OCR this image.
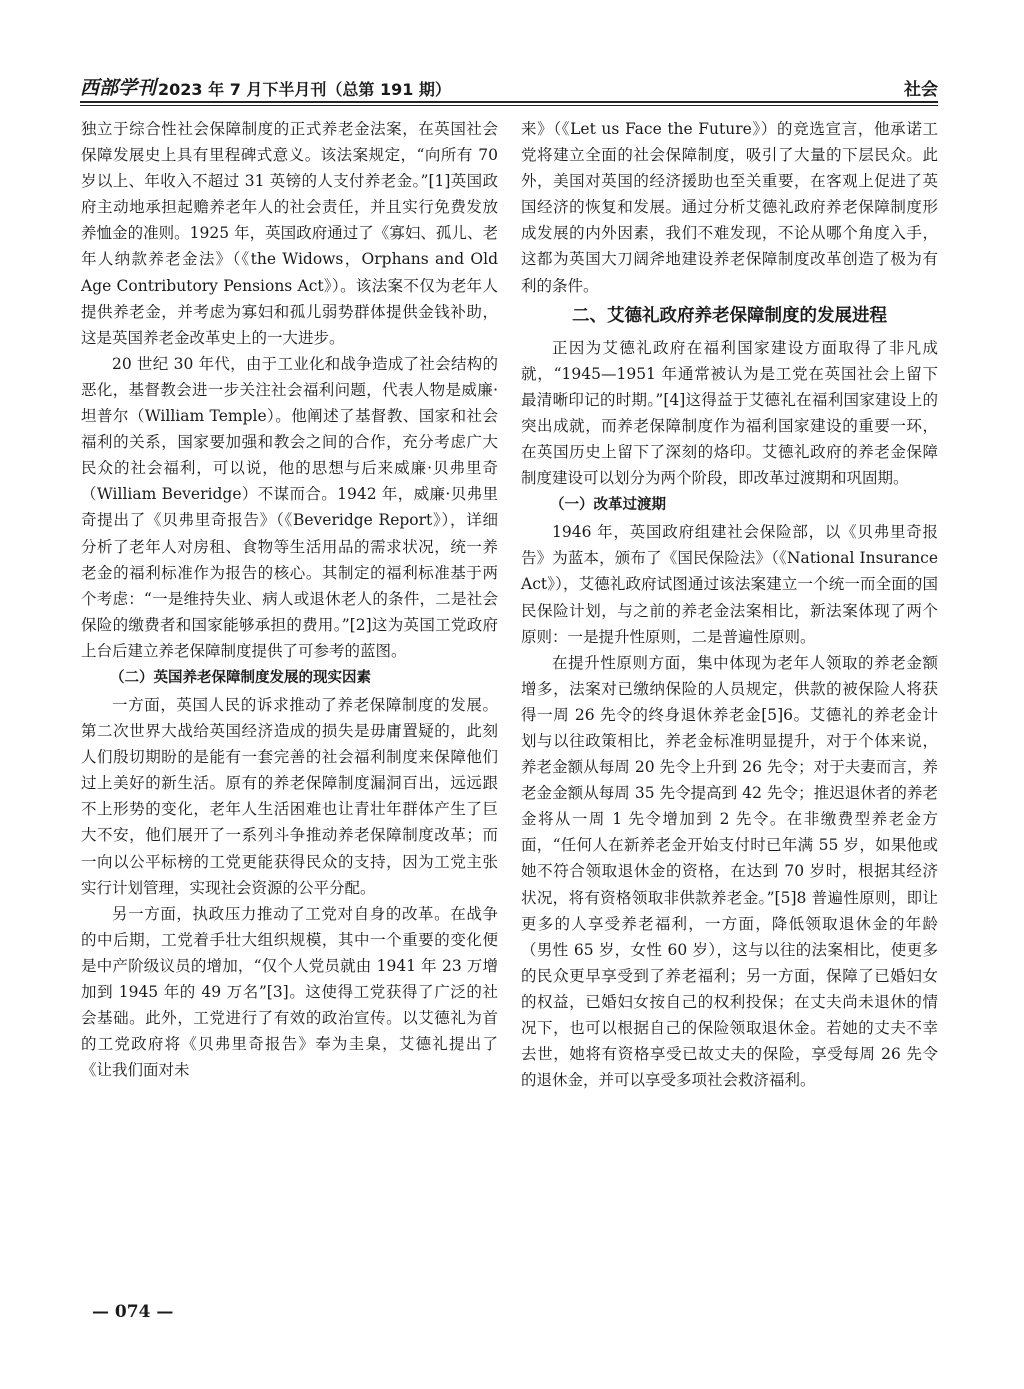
西部学刊 2023 年 7 月下半月刊（总第 191 期）	社会

独立于综合性社会保障制度的正式养老金法案，在英国社会保障发展史上具有里程碑式意义。该法案规定，“向所有 70 岁以上、年收入不超过 31 英镑的人支付养老金。”[1]英国政府主动地承担起赡养老年人的社会责任，并且实行免费发放养恤金的准则。1925 年，英国政府通过了《寡妇、孤儿、老年人纳款养老金法》（《the Widows，Orphans and Old Age Contributory Pensions Act》）。该法案不仅为老年人提供养老金，并考虑为寡妇和孤儿弱势群体提供金钱补助，这是英国养老金改革史上的一大进步。

20 世纪 30 年代，由于工业化和战争造成了社会结构的恶化，基督教会进一步关注社会福利问题，代表人物是威廉·坦普尔（William Temple）。他阐述了基督教、国家和社会福利的关系，国家要加强和教会之间的合作，充分考虑广大民众的社会福利，可以说，他的思想与后来威廉·贝弗里奇（William Beveridge）不谋而合。1942 年，威廉·贝弗里奇提出了《贝弗里奇报告》（《Beveridge Report》），详细分析了老年人对房租、食物等生活用品的需求状况，统一养老金的福利标准作为报告的核心。其制定的福利标准基于两个考虑：“一是维持失业、病人或退休老人的条件，二是社会保险的缴费者和国家能够承担的费用。”[2]这为英国工党政府上台后建立养老保障制度提供了可参考的蓝图。

（二）英国养老保障制度发展的现实因素

一方面，英国人民的诉求推动了养老保障制度的发展。第二次世界大战给英国经济造成的损失是毋庸置疑的，此刻人们殷切期盼的是能有一套完善的社会福利制度来保障他们过上美好的新生活。原有的养老保障制度漏洞百出，远远跟不上形势的变化，老年人生活困难也让青壮年群体产生了巨大不安，他们展开了一系列斗争推动养老保障制度改革；而一向以公平标榜的工党更能获得民众的支持，因为工党主张实行计划管理，实现社会资源的公平分配。

另一方面，执政压力推动了工党对自身的改革。在战争的中后期，工党着手壮大组织规模，其中一个重要的变化便是中产阶级议员的增加，“仅个人党员就由 1941 年 23 万增加到 1945 年的 49 万名”[3]。这使得工党获得了广泛的社会基础。此外，工党进行了有效的政治宣传。以艾德礼为首的工党政府将《贝弗里奇报告》奉为圭臬，艾德礼提出了《让我们面对未

来》（《Let us Face the Future》）的竞选宣言，他承诺工党将建立全面的社会保障制度，吸引了大量的下层民众。此外，美国对英国的经济援助也至关重要，在客观上促进了英国经济的恢复和发展。通过分析艾德礼政府养老保障制度形成发展的内外因素，我们不难发现，不论从哪个角度入手，这都为英国大刀阔斧地建设养老保障制度改革创造了极为有利的条件。

二、艾德礼政府养老保障制度的发展进程

正因为艾德礼政府在福利国家建设方面取得了非凡成就，“1945—1951 年通常被认为是工党在英国社会上留下最清晰印记的时期。”[4]这得益于艾德礼在福利国家建设上的突出成就，而养老保障制度作为福利国家建设的重要一环，在英国历史上留下了深刻的烙印。艾德礼政府的养老金保障制度建设可以划分为两个阶段，即改革过渡期和巩固期。

（一）改革过渡期

1946 年，英国政府组建社会保险部，以《贝弗里奇报告》为蓝本，颁布了《国民保险法》（《National Insurance Act》），艾德礼政府试图通过该法案建立一个统一而全面的国民保险计划，与之前的养老金法案相比，新法案体现了两个原则：一是提升性原则，二是普遍性原则。

在提升性原则方面，集中体现为老年人领取的养老金额增多，法案对已缴纳保险的人员规定，供款的被保险人将获得一周 26 先令的终身退休养老金[5]6。艾德礼的养老金计划与以往政策相比，养老金标准明显提升，对于个体来说，养老金额从每周 20 先令上升到 26 先令；对于夫妻而言，养老金金额从每周 35 先令提高到 42 先令；推迟退休者的养老金将从一周 1 先令增加到 2 先令。在非缴费型养老金方面，“任何人在新养老金开始支付时已年满 55 岁，如果他或她不符合领取退休金的资格，在达到 70 岁时，根据其经济状况，将有资格领取非供款养老金。”[5]8 普遍性原则，即让更多的人享受养老福利，一方面，降低领取退休金的年龄（男性 65 岁，女性 60 岁），这与以往的法案相比，使更多的民众更早享受到了养老福利；另一方面，保障了已婚妇女的权益，已婚妇女按自己的权利投保；在丈夫尚未退休的情况下，也可以根据自己的保险领取退休金。若她的丈夫不幸去世，她将有资格享受已故丈夫的保险，享受每周 26 先令的退休金，并可以享受多项社会救济福利。

— 074 —
